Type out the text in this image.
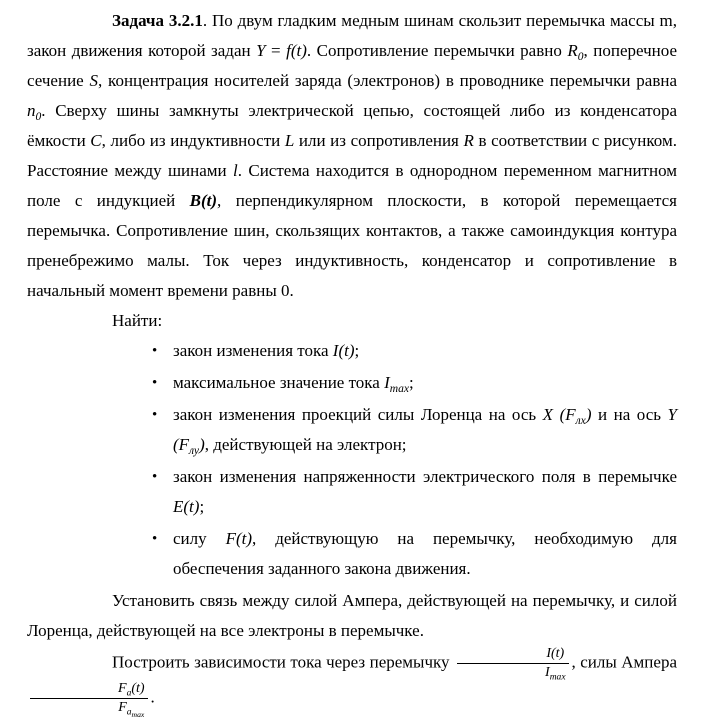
Задача 3.2.1. По двум гладким медным шинам скользит перемычка массы m, закон движения которой задан Y = f(t). Сопротивление перемычки равно $R_0$, поперечное сечение S, концентрация носителей заряда (электронов) в проводнике перемычки равна $n_0$. Сверху шины замкнуты электрической цепью, состоящей либо из конденсатора ёмкости C, либо из индуктивности L или из сопротивления R в соответствии с рисунком. Расстояние между шинами l. Система находится в однородном переменном магнитном поле с индукцией B(t), перпендикулярном плоскости, в которой перемещается перемычка. Сопротивление шин, скользящих контактов, а также самоиндукция контура пренебрежимо малы. Ток через индуктивность, конденсатор и сопротивление в начальный момент времени равны 0.

Найти:

• закон изменения тока I(t);
• максимальное значение тока $I_{max}$;
• закон изменения проекций силы Лоренца на ось X $(F_{лх})$ и на ось Y $(F_{лу})$, действующей на электрон;
• закон изменения напряженности электрического поля в перемычке E(t);
• силу F(t), действующую на перемычку, необходимую для обеспечения заданного закона движения.

Установить связь между силой Ампера, действующей на перемычку, и силой Лоренца, действующей на все электроны в перемычке.

Построить зависимости тока через перемычку $\frac{I(t)}{I_{max}}$ , силы Ампера
$\frac{F_а(t)}{F_{amax}}$ .
